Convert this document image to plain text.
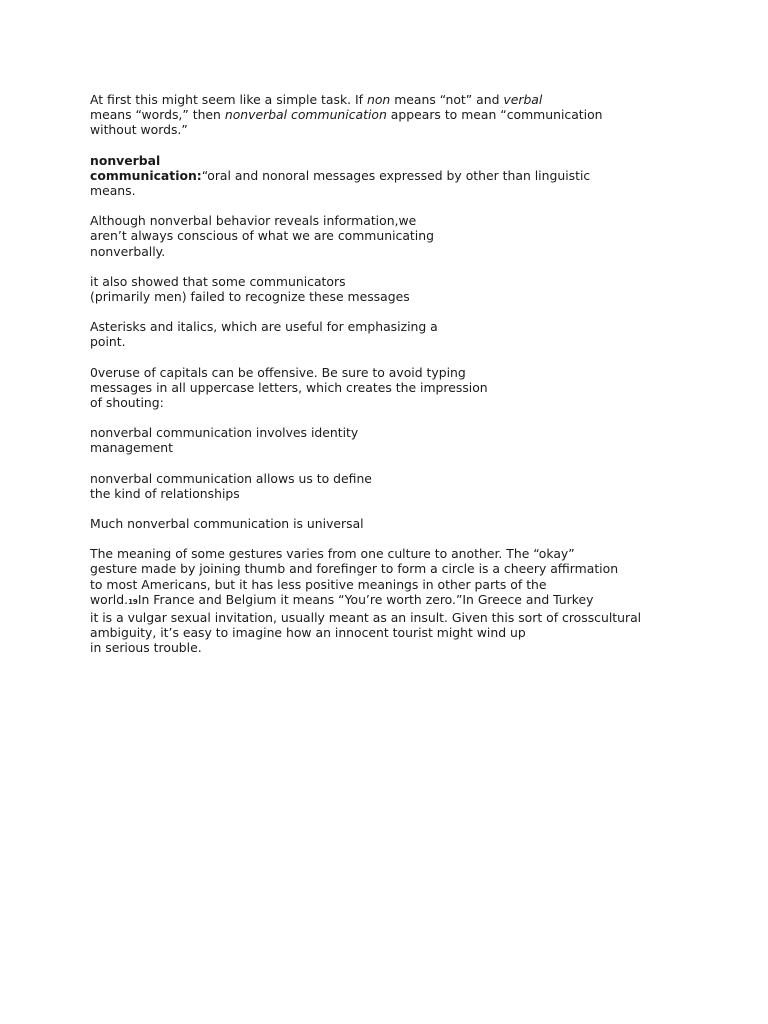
At first this might seem like a simple task. If non means “not” and verbal
means “words,” then nonverbal communication appears to mean “communication
without words.”

nonverbal
communication:“oral and nonoral messages expressed by other than linguistic
means.

Although nonverbal behavior reveals information,we
aren’t always conscious of what we are communicating
nonverbally.

it also showed that some communicators
(primarily men) failed to recognize these messages

Asterisks and italics, which are useful for emphasizing a
point.

0veruse of capitals can be offensive. Be sure to avoid typing
messages in all uppercase letters, which creates the impression
of shouting:

nonverbal communication involves identity
management

nonverbal communication allows us to define
the kind of relationships

Much nonverbal communication is universal

The meaning of some gestures varies from one culture to another. The “okay”
gesture made by joining thumb and forefinger to form a circle is a cheery affirmation
to most Americans, but it has less positive meanings in other parts of the
world.19In France and Belgium it means “You’re worth zero.”In Greece and Turkey
it is a vulgar sexual invitation, usually meant as an insult. Given this sort of crosscultural
ambiguity, it’s easy to imagine how an innocent tourist might wind up
in serious trouble.
